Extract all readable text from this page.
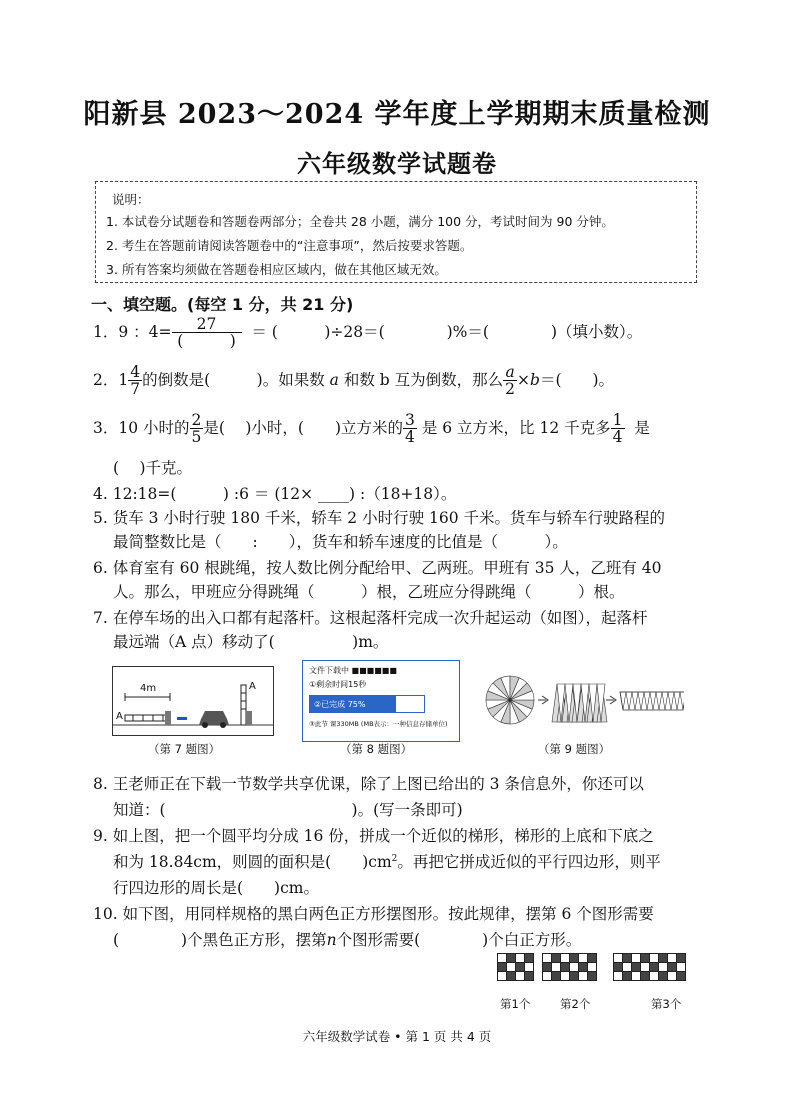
阳新县 2023～2024 学年度上学期期末质量检测
六年级数学试题卷
说明：
1. 本试卷分试题卷和答题卷两部分；全卷共 28 小题，满分 100 分，考试时间为 90 分钟。
2. 考生在答题前请阅读答题卷中的“注意事项”，然后按要求答题。
3. 所有答案均须做在答题卷相应区域内，做在其他区域无效。
一、填空题。(每空 1 分，共 21 分)
1．9 ：$4= \frac{27}{( )}$ ＝ (　　　)÷28＝(　　　　)%＝(　　　　)（填小数）。
2．$1 \frac{4}{7}$ 的倒数是(　　　)。如果数 a 和数 b 互为倒数，那么 $\frac{a}{2} \times b=$(　　)。
3．10 小时的 $\frac{2}{5}$ 是(　 )小时，(　　)立方米的 $\frac{3}{4}$ 是 6 立方米，比 12 千克多 $\frac{1}{4}$ 是
(　 )千克。
4. 12:18=(　　　) :6 ＝ (12× ____) :（18+18）。
5. 货车 3 小时行驶 180 千米，轿车 2 小时行驶 160 千米。货车与轿车行驶路程的
最简整数比是（　　:　　），货车和轿车速度的比值是（　　　）。
6. 体育室有 60 根跳绳，按人数比例分配给甲、乙两班。甲班有 35 人，乙班有 40
人。那么，甲班应分得跳绳（　　　）根，乙班应分得跳绳（　　　）根。
7. 在停车场的出入口都有起落杆。这根起落杆完成一次升起运动（如图），起落杆
最远端（A 点）移动了(　　　　　)m。
4m
A
A
（第 7 题图）
文件下载中 ■■■■■■
①剩余时间15秒
②已完成 75%
③此节 课330MB (MB表示：一种信息存储单位)
（第 8 题图）	（第 9 题图）
8. 王老师正在下载一节数学共享优课，除了上图已给出的 3 条信息外，你还可以
知道：(　　　　　　　　　　　　)。(写一条即可)
9. 如上图，把一个圆平均分成 16 份，拼成一个近似的梯形，梯形的上底和下底之
和为 18.84cm，则圆的面积是(　　)$cm^2$。再把它拼成近似的平行四边形，则平
行四边形的周长是(　　)cm。
10. 如下图，用同样规格的黑白两色正方形摆图形。按此规律，摆第 6 个图形需要
(　　　　)个黑色正方形，摆第n个图形需要(　　　　)个白正方形。

第1个	第2个	第3个
六年级数学试卷 • 第 1 页 共 4 页
